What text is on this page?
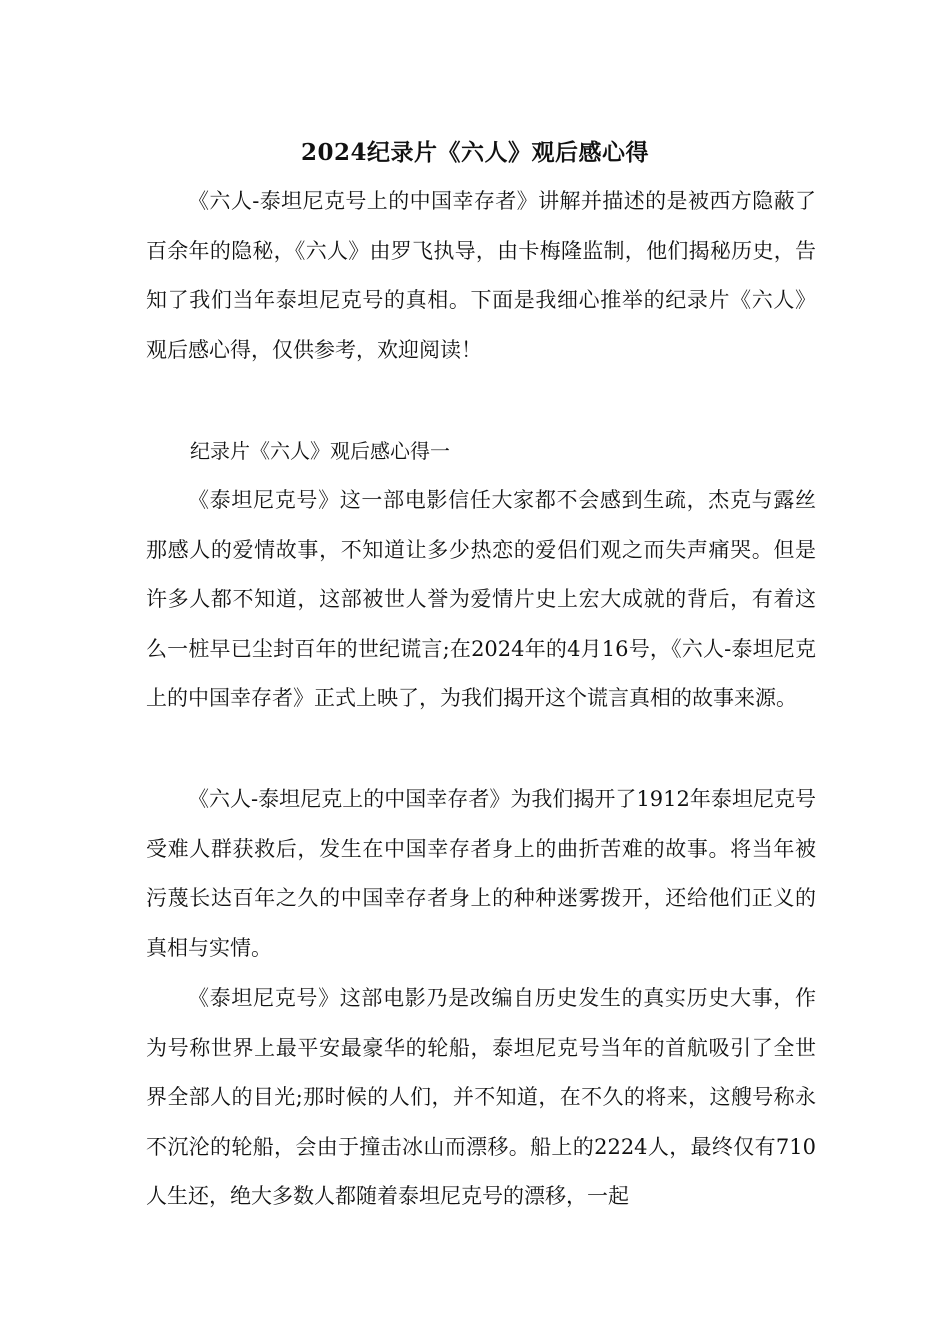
2024纪录片《六人》观后感心得

《六人-泰坦尼克号上的中国幸存者》讲解并描述的是被西方隐蔽了百余年的隐秘，《六人》由罗飞执导，由卡梅隆监制，他们揭秘历史，告知了我们当年泰坦尼克号的真相。下面是我细心推举的纪录片《六人》观后感心得，仅供参考，欢迎阅读！

纪录片《六人》观后感心得一

《泰坦尼克号》这一部电影信任大家都不会感到生疏，杰克与露丝那感人的爱情故事，不知道让多少热恋的爱侣们观之而失声痛哭。但是许多人都不知道，这部被世人誉为爱情片史上宏大成就的背后，有着这么一桩早已尘封百年的世纪谎言;在2024年的4月16号，《六人-泰坦尼克上的中国幸存者》正式上映了，为我们揭开这个谎言真相的故事来源。

《六人-泰坦尼克上的中国幸存者》为我们揭开了1912年泰坦尼克号受难人群获救后，发生在中国幸存者身上的曲折苦难的故事。将当年被污蔑长达百年之久的中国幸存者身上的种种迷雾拨开，还给他们正义的真相与实情。

《泰坦尼克号》这部电影乃是改编自历史发生的真实历史大事，作为号称世界上最平安最豪华的轮船，泰坦尼克号当年的首航吸引了全世界全部人的目光;那时候的人们，并不知道，在不久的将来，这艘号称永不沉沦的轮船，会由于撞击冰山而漂移。船上的2224人，最终仅有710人生还，绝大多数人都随着泰坦尼克号的漂移，一起
